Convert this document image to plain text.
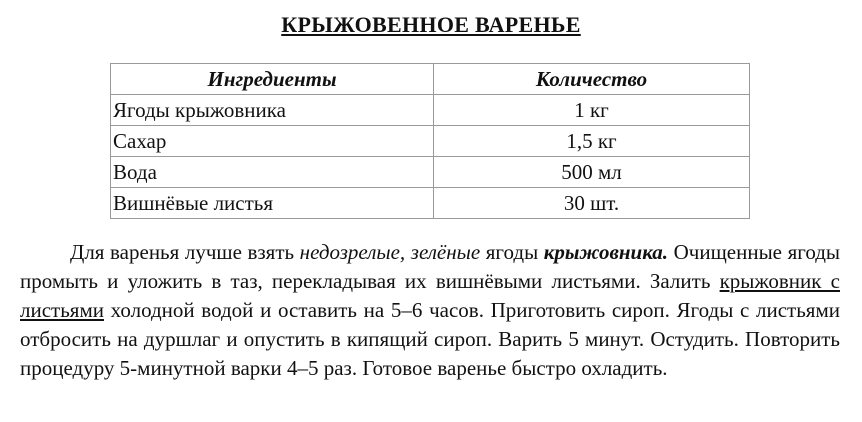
КРЫЖОВЕННОЕ ВАРЕНЬЕ
Ингредиенты	Количество
Ягоды крыжовника	1 кг
Сахар	1,5 кг
Вода	500 мл
Вишнёвые листья	30 шт.
Для варенья лучше взять недозрелые, зелёные ягоды крыжовника. Очищенные ягоды промыть и уложить в таз, перекладывая их вишнёвыми листьями. Залить крыжовник с листьями холодной водой и оставить на 5–6 часов. Приготовить сироп. Ягоды с листьями отбросить на дуршлаг и опустить в кипящий сироп. Варить 5 минут. Остудить. Повторить процедуру 5-минутной варки 4–5 раз. Готовое варенье быстро охладить.
